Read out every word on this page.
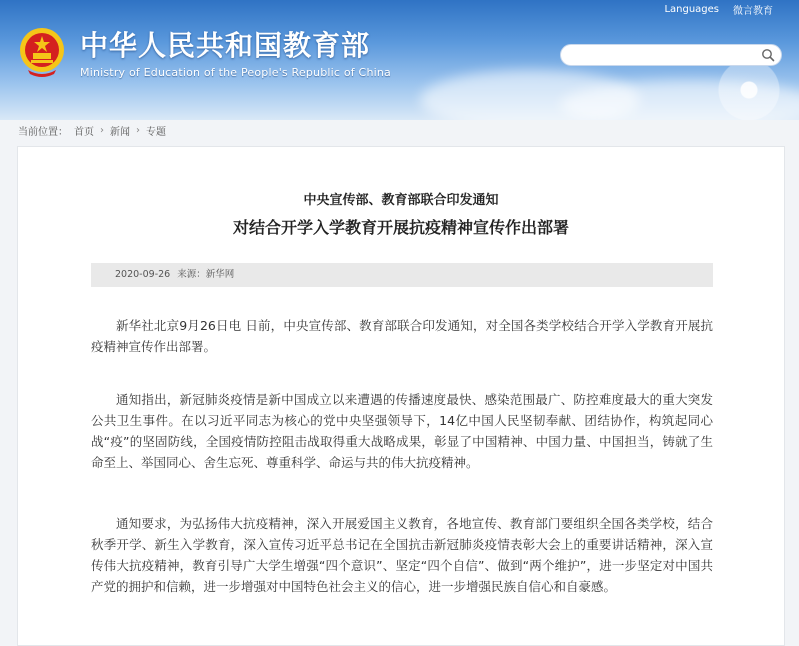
Languages 微言教育
中华人民共和国教育部
Ministry of Education of the People's Republic of China
当前位置： 首页 › 新闻 › 专题
中央宣传部、教育部联合印发通知
对结合开学入学教育开展抗疫精神宣传作出部署
2020-09-26 来源：新华网

新华社北京9月26日电 日前，中央宣传部、教育部联合印发通知，对全国各类学校结合开学入学教育开展抗疫精神宣传作出部署。

通知指出，新冠肺炎疫情是新中国成立以来遭遇的传播速度最快、感染范围最广、防控难度最大的重大突发公共卫生事件。在以习近平同志为核心的党中央坚强领导下，14亿中国人民坚韧奉献、团结协作，构筑起同心战“疫”的坚固防线，全国疫情防控阻击战取得重大战略成果，彰显了中国精神、中国力量、中国担当，铸就了生命至上、举国同心、舍生忘死、尊重科学、命运与共的伟大抗疫精神。

通知要求，为弘扬伟大抗疫精神，深入开展爱国主义教育，各地宣传、教育部门要组织全国各类学校，结合秋季开学、新生入学教育，深入宣传习近平总书记在全国抗击新冠肺炎疫情表彰大会上的重要讲话精神，深入宣传伟大抗疫精神，教育引导广大学生增强“四个意识”、坚定“四个自信”、做到“两个维护”，进一步坚定对中国共产党的拥护和信赖，进一步增强对中国特色社会主义的信心，进一步增强民族自信心和自豪感。
